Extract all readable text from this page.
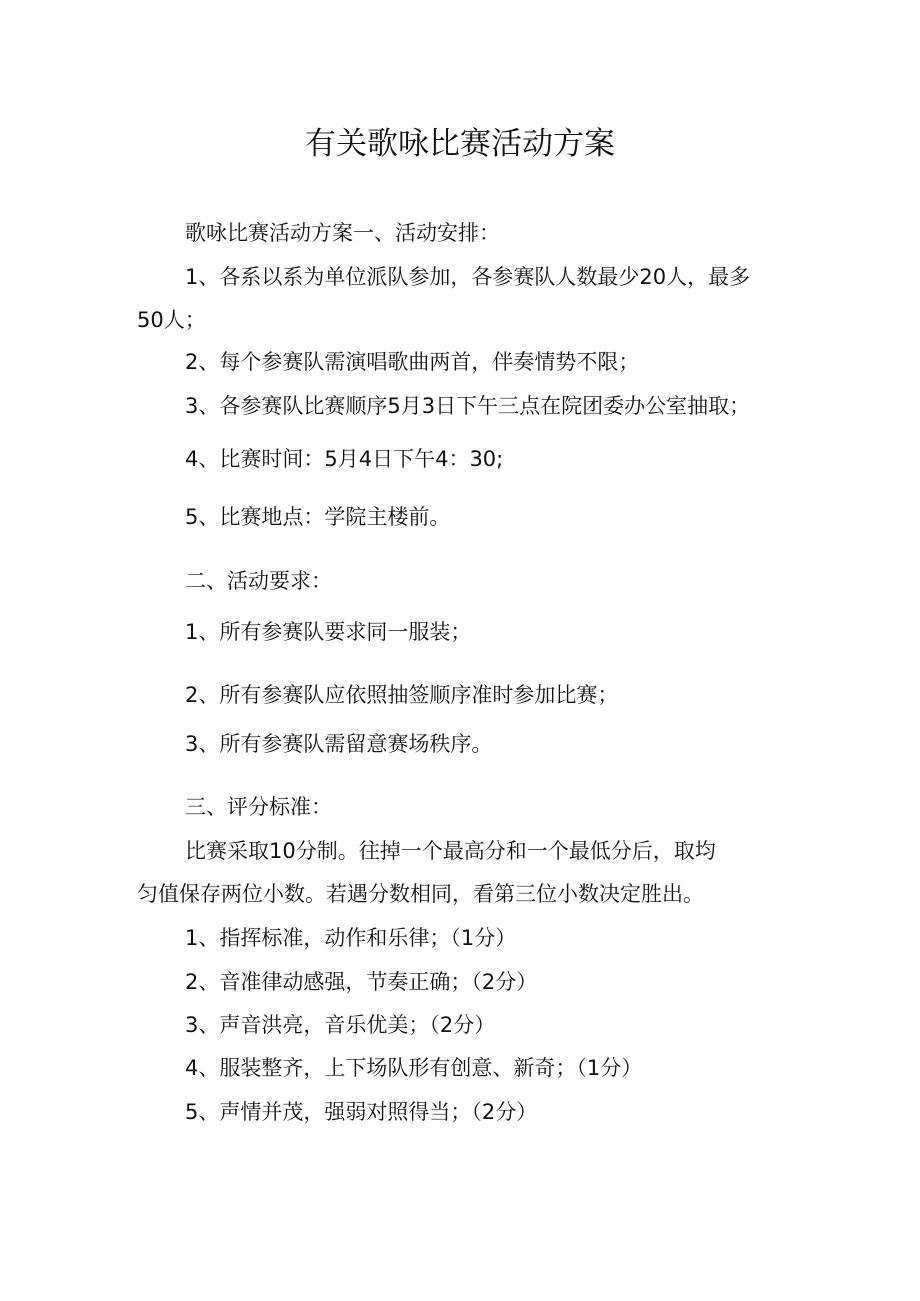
有关歌咏比赛活动方案

歌咏比赛活动方案一、活动安排：

1、各系以系为单位派队参加，各参赛队人数最少20人，最多

50人；

2、每个参赛队需演唱歌曲两首，伴奏情势不限；

3、各参赛队比赛顺序5月3日下午三点在院团委办公室抽取；

4、比赛时间：5月4日下午4：30;

5、比赛地点：学院主楼前。

二、活动要求：

1、所有参赛队要求同一服装；

2、所有参赛队应依照抽签顺序准时参加比赛；

3、所有参赛队需留意赛场秩序。

三、评分标准：

比赛采取10分制。往掉一个最高分和一个最低分后，取均

匀值保存两位小数。若遇分数相同，看第三位小数决定胜出。

1、指挥标准，动作和乐律；（1分）

2、音准律动感强，节奏正确；（2分）

3、声音洪亮，音乐优美；（2分）

4、服装整齐，上下场队形有创意、新奇；（1分）

5、声情并茂，强弱对照得当；（2分）
